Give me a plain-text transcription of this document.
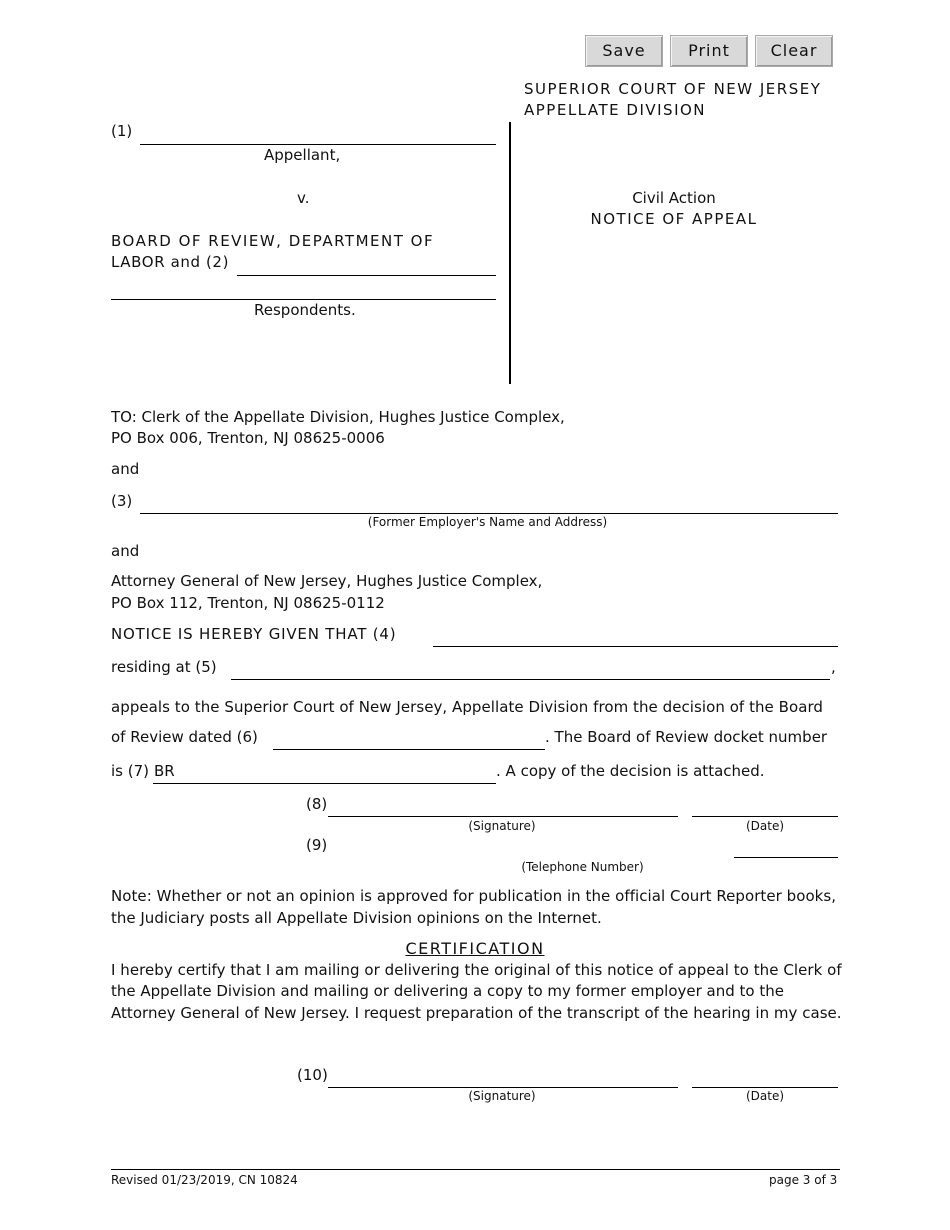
Save	Print	Clear
SUPERIOR COURT OF NEW JERSEY
APPELLATE DIVISION
(1)
Appellant,
v.
BOARD OF REVIEW, DEPARTMENT OF
LABOR and (2)
Respondents.
Civil Action
NOTICE OF APPEAL
TO: Clerk of the Appellate Division, Hughes Justice Complex,
PO Box 006, Trenton, NJ 08625-0006
and
(3)
(Former Employer's Name and Address)
and
Attorney General of New Jersey, Hughes Justice Complex,
PO Box 112, Trenton, NJ 08625-0112
NOTICE IS HEREBY GIVEN THAT (4)
residing at (5)	,
appeals to the Superior Court of New Jersey, Appellate Division from the decision of the Board
of Review dated (6)	. The Board of Review docket number
is (7) BR	. A copy of the decision is attached.
(8)
(Signature)	(Date)
(9)
(Telephone Number)
Note: Whether or not an opinion is approved for publication in the official Court Reporter books,
the Judiciary posts all Appellate Division opinions on the Internet.
CERTIFICATION
I hereby certify that I am mailing or delivering the original of this notice of appeal to the Clerk of
the Appellate Division and mailing or delivering a copy to my former employer and to the
Attorney General of New Jersey. I request preparation of the transcript of the hearing in my case.
(10)
(Signature)	(Date)
Revised 01/23/2019, CN 10824	page 3 of 3
